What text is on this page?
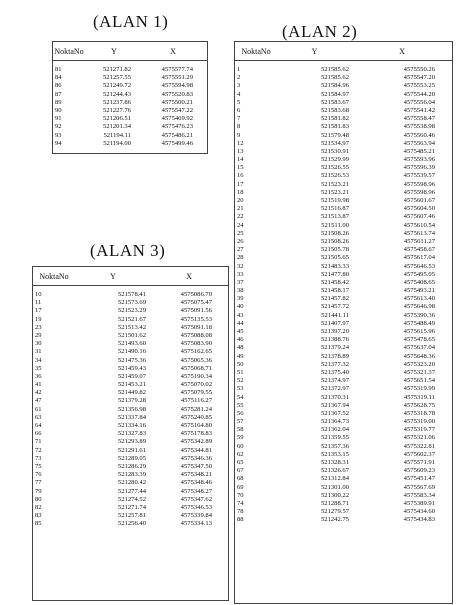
(ALAN 1)
NoktaNo	Y	X
81	521271.82	4575577.74
84	521257.55	4575551.29
86	521249.72	4575594.98
87	521244.43	4575520.83
89	521237.86	4575500.21
90	521227.76	4575547.22
91	521206.51	4575469.92
92	521201.34	4575476.23
93	521194.11	4575486.21
94	521194.00	4575499.46
(ALAN 2)
NoktaNo	Y	X
1	521585.62	4575550.26
2	521585.62	4575547.20
3	521584.96	4575553.25
4	521584.97	4575544.20
5	521583.67	4575556.04
6	521583.68	4575541.42
7	521581.82	4575558.47
8	521581.83	4575538.98
9	521579.48	4575560.46
12	521534.97	4575563.94
13	521530.91	4575485.21
14	521529.99	4575593.96
15	521526.55	4575596.39
16	521526.53	4575539.57
17	521523.21	4575598.96
18	521523.21	4575598.96
20	521519.98	4575601.67
21	521516.87	4575604.50
22	521513.87	4575607.46
24	521511.00	4575610.54
25	521508.26	4575613.74
26	521508.26	4575611.27
27	521505.78	4575458.67
28	521505.65	4575617.04
32	521483.33	4575646.53
33	521477.80	4575495.05
37	521458.42	4575408.65
38	521458.17	4575493.21
39	521457.82	4575613.40
40	521457.72	4575646.98
43	521441.11	4575390.36
44	521407.97	4575488.49
45	521397.20	4575615.96
46	521388.76	4575478.65
48	521379.24	4575637.04
49	521378.89	4575648.36
50	521377.32	4575323.20
51	521375.40	4575321.37
52	521374.97	4575651.54
53	521372.97	4575319.99
54	521370.31	4575319.11
55	521367.94	4575628.75
56	521367.52	4575318.78
57	521364.73	4575319.00
58	521362.04	4575319.77
59	521359.55	4575321.06
60	521357.36	4575322.81
62	521353.15	4575602.37
65	521328.31	4575571.91
67	521326.67	4575609.23
68	521312.84	4575451.47
69	521301.00	4575567.69
70	521300.22	4575583.34
74	521288.71	4575389.91
78	521279.57	4575434.60
88	521242.75	4575434.83
(ALAN 3)
NoktaNo	Y	X
10	521578.41	4575086.70
11	521573.69	4575075.47
17	521523.29	4575091.56
19	521521.67	4575135.53
23	521513.42	4575091.18
29	521501.62	4575088.08
30	521493.60	4575083.90
31	521490.16	4575162.65
34	521475.36	4575065.36
35	521459.43	4575068.71
36	521459.07	4575190.34
41	521453.21	4575070.02
42	521449.82	4575079.55
47	521379.28	4575116.27
61	521356.98	4575281.24
63	521337.84	4575240.85
64	521334.16	4575164.80
66	521327.83	4575178.83
71	521293.89	4575342.89
72	521291.61	4575344.81
73	521289.05	4575346.36
75	521286.29	4575347.50
76	521283.39	4575348.21
77	521280.42	4575348.46
79	521277.44	4575348.27
80	521274.52	4575347.62
82	521271.74	4575346.53
83	521257.81	4575339.84
85	521256.40	4575334.13
